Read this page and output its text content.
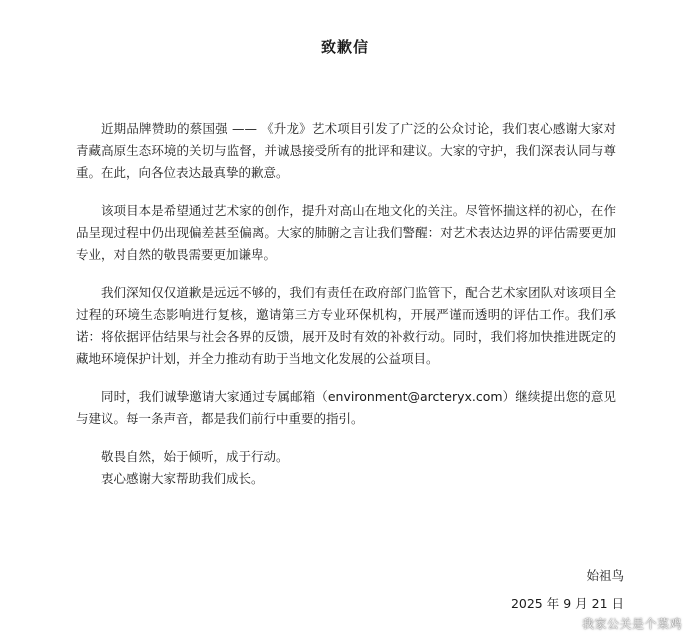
致歉信

近期品牌赞助的蔡国强 —— 《升龙》艺术项目引发了广泛的公众讨论，我们衷心感谢大家对青藏高原生态环境的关切与监督，并诚恳接受所有的批评和建议。大家的守护，我们深表认同与尊重。在此，向各位表达最真挚的歉意。

该项目本是希望通过艺术家的创作，提升对高山在地文化的关注。尽管怀揣这样的初心，在作品呈现过程中仍出现偏差甚至偏离。大家的肺腑之言让我们警醒：对艺术表达边界的评估需要更加专业，对自然的敬畏需要更加谦卑。

我们深知仅仅道歉是远远不够的，我们有责任在政府部门监管下，配合艺术家团队对该项目全过程的环境生态影响进行复核，邀请第三方专业环保机构，开展严谨而透明的评估工作。我们承诺：将依据评估结果与社会各界的反馈，展开及时有效的补救行动。同时，我们将加快推进既定的藏地环境保护计划，并全力推动有助于当地文化发展的公益项目。

同时，我们诚挚邀请大家通过专属邮箱（environment@arcteryx.com）继续提出您的意见与建议。每一条声音，都是我们前行中重要的指引。

敬畏自然，始于倾听，成于行动。

衷心感谢大家帮助我们成长。

始祖鸟
2025 年 9 月 21 日
我家公关是个菜鸡
